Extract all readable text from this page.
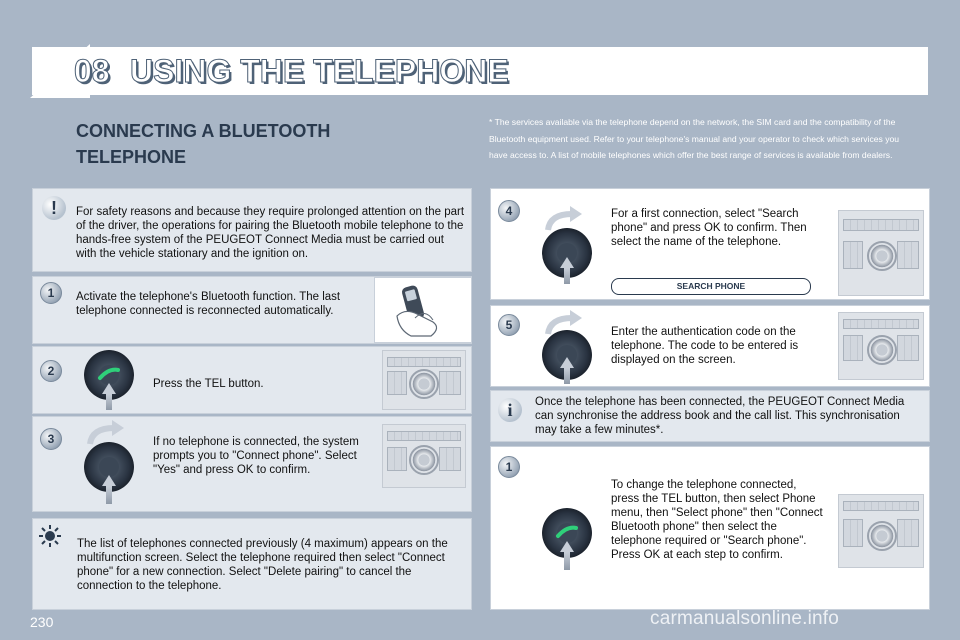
08 USING THE TELEPHONE
CONNECTING A BLUETOOTH
TELEPHONE
* The services available via the telephone depend on the network, the SIM card and the compatibility of the Bluetooth equipment used. Refer to your telephone's manual and your operator to check which services you have access to. A list of mobile telephones which offer the best range of services is available from dealers.
!	For safety reasons and because they require prolonged attention on the part of the driver, the operations for pairing the Bluetooth mobile telephone to the hands-free system of the PEUGEOT Connect Media must be carried out with the vehicle stationary and the ignition on.
1	Activate the telephone's Bluetooth function. The last telephone connected is reconnected automatically.
2
Press the TEL button.
3	If no telephone is connected, the system prompts you to "Connect phone". Select "Yes" and press OK to confirm.
The list of telephones connected previously (4 maximum) appears on the multifunction screen. Select the telephone required then select "Connect phone" for a new connection. Select "Delete pairing" to cancel the connection to the telephone.
4	For a first connection, select "Search phone" and press OK to confirm. Then select the name of the telephone.
SEARCH PHONE
5	Enter the authentication code on the telephone. The code to be entered is displayed on the screen.
i	Once the telephone has been connected, the PEUGEOT Connect Media can synchronise the address book and the call list. This synchronisation may take a few minutes*.
1
To change the telephone connected, press the TEL button, then select Phone menu, then "Select phone" then "Connect Bluetooth phone" then select the telephone required or "Search phone". Press OK at each step to confirm.
230	carmanualsonline.info
